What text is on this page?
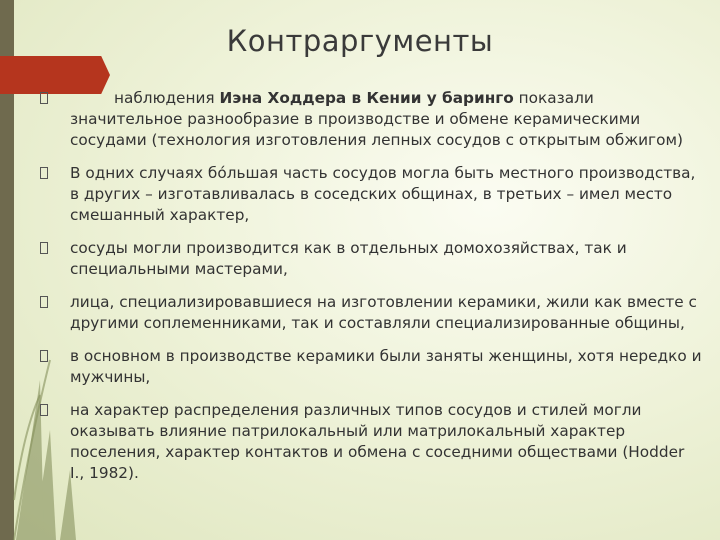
Контраргументы
наблюдения Иэна Ходдера в Кении у баринго показали значительное разнообразие в производстве и обмене керамическими сосудами (технология изготовления лепных сосудов с открытым обжигом)
В одних случаях бóльшая часть сосудов могла быть местного производства, в других – изготавливалась в соседских общинах, в третьих – имел место смешанный характер,
сосуды могли производится как в отдельных домохозяйствах, так и специальными мастерами,
лица, специализировавшиеся на изготовлении керамики, жили как вместе с другими соплеменниками, так и составляли специализированные общины,
в основном в производстве керамики были заняты женщины, хотя нередко и мужчины,
на характер распределения различных типов сосудов и стилей могли оказывать влияние патрилокальный или матрилокальный характер поселения, характер контактов и обмена с соседними обществами (Hodder I., 1982).
